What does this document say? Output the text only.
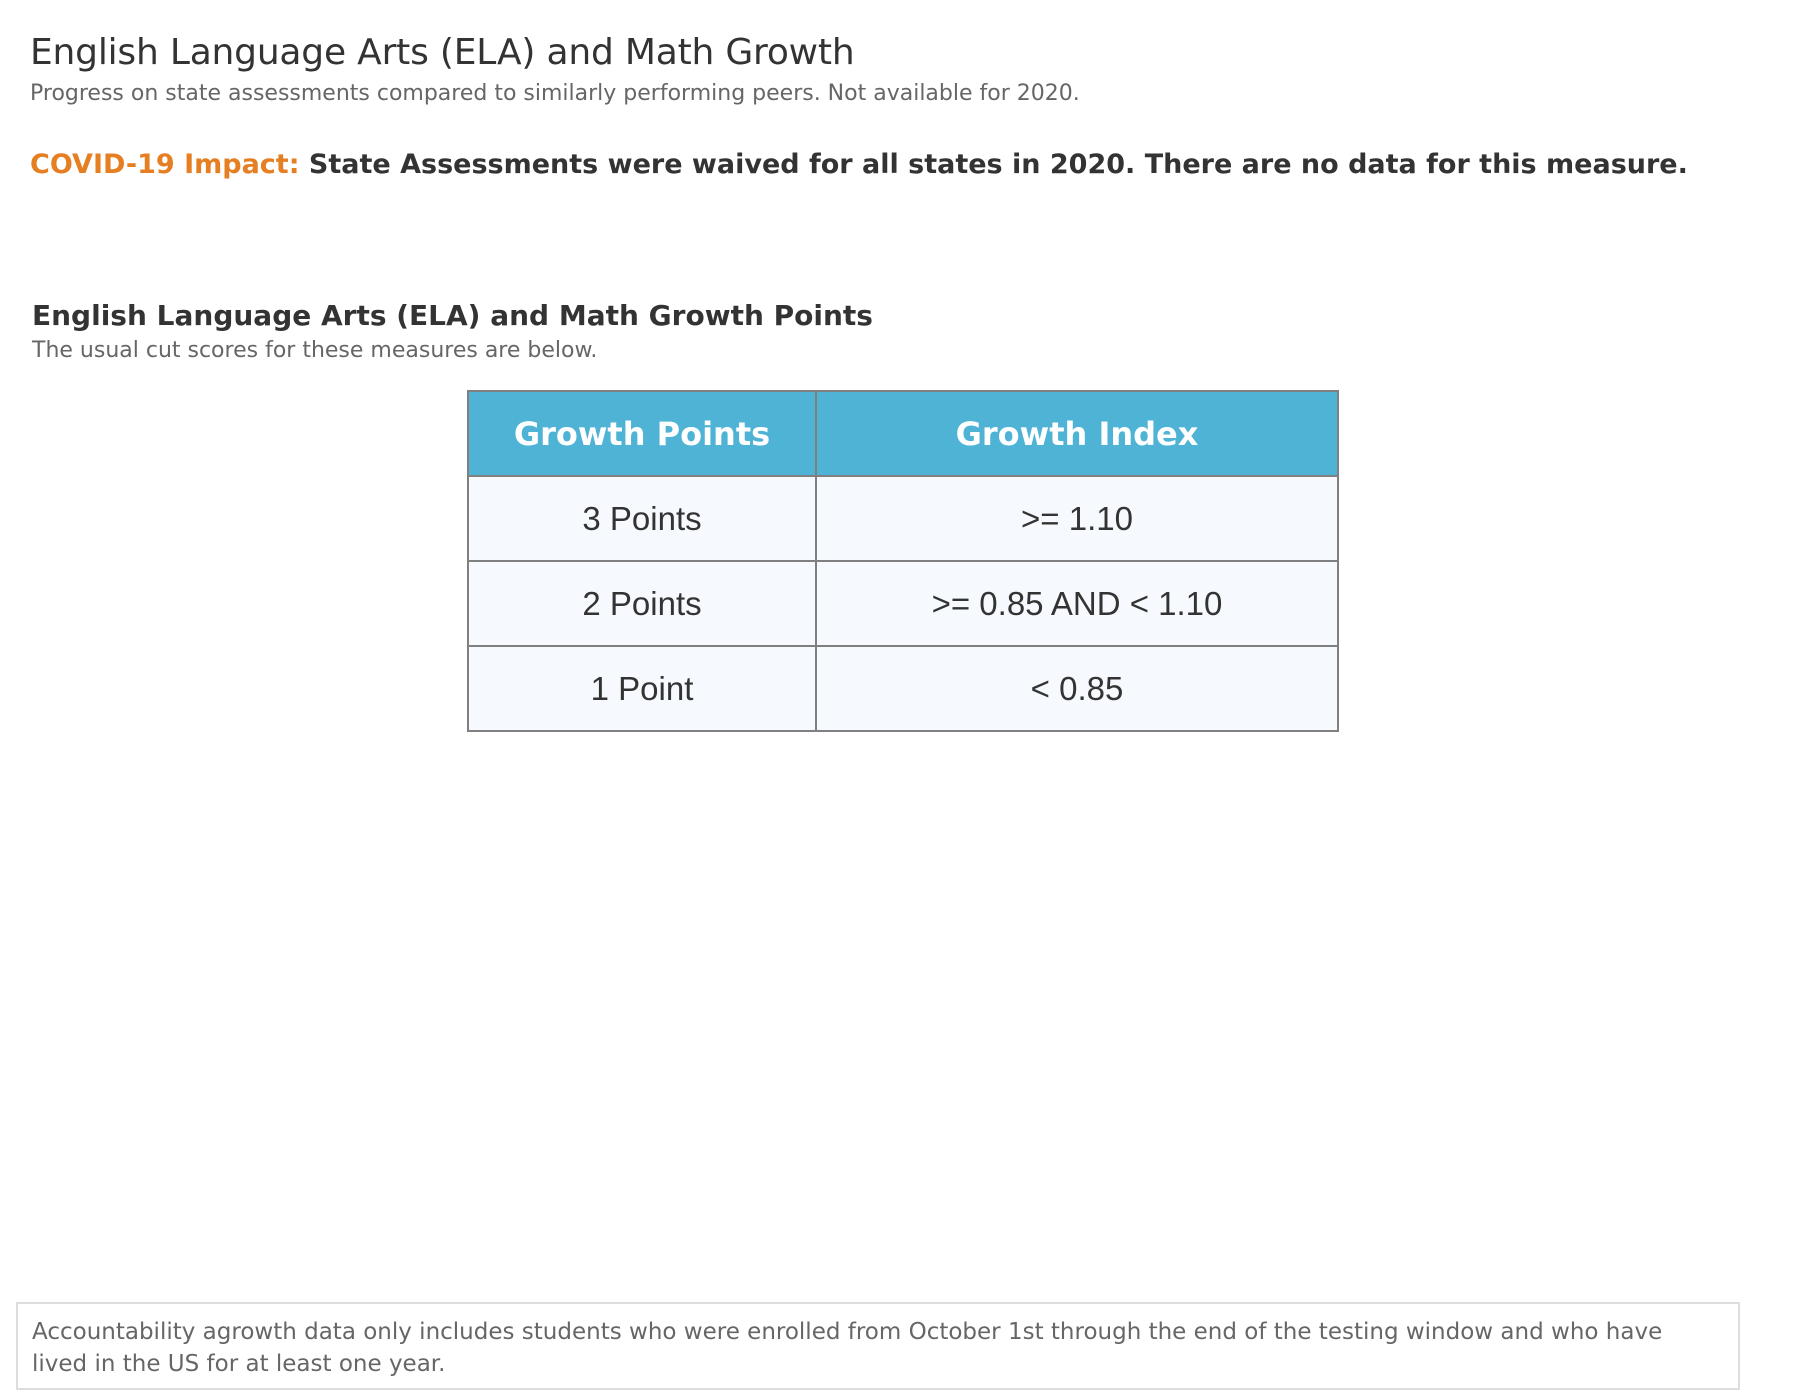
English Language Arts (ELA) and Math Growth

Progress on state assessments compared to similarly performing peers. Not available for 2020.

COVID-19 Impact: State Assessments were waived for all states in 2020. There are no data for this measure.
English Language Arts (ELA) and Math Growth Points

The usual cut scores for these measures are below.

Growth Points	Growth Index
3 Points	>= 1.10
2 Points	>= 0.85 AND < 1.10
1 Point	< 0.85
Accountability agrowth data only includes students who were enrolled from October 1st through the end of the testing window and who have lived in the US for at least one year.
